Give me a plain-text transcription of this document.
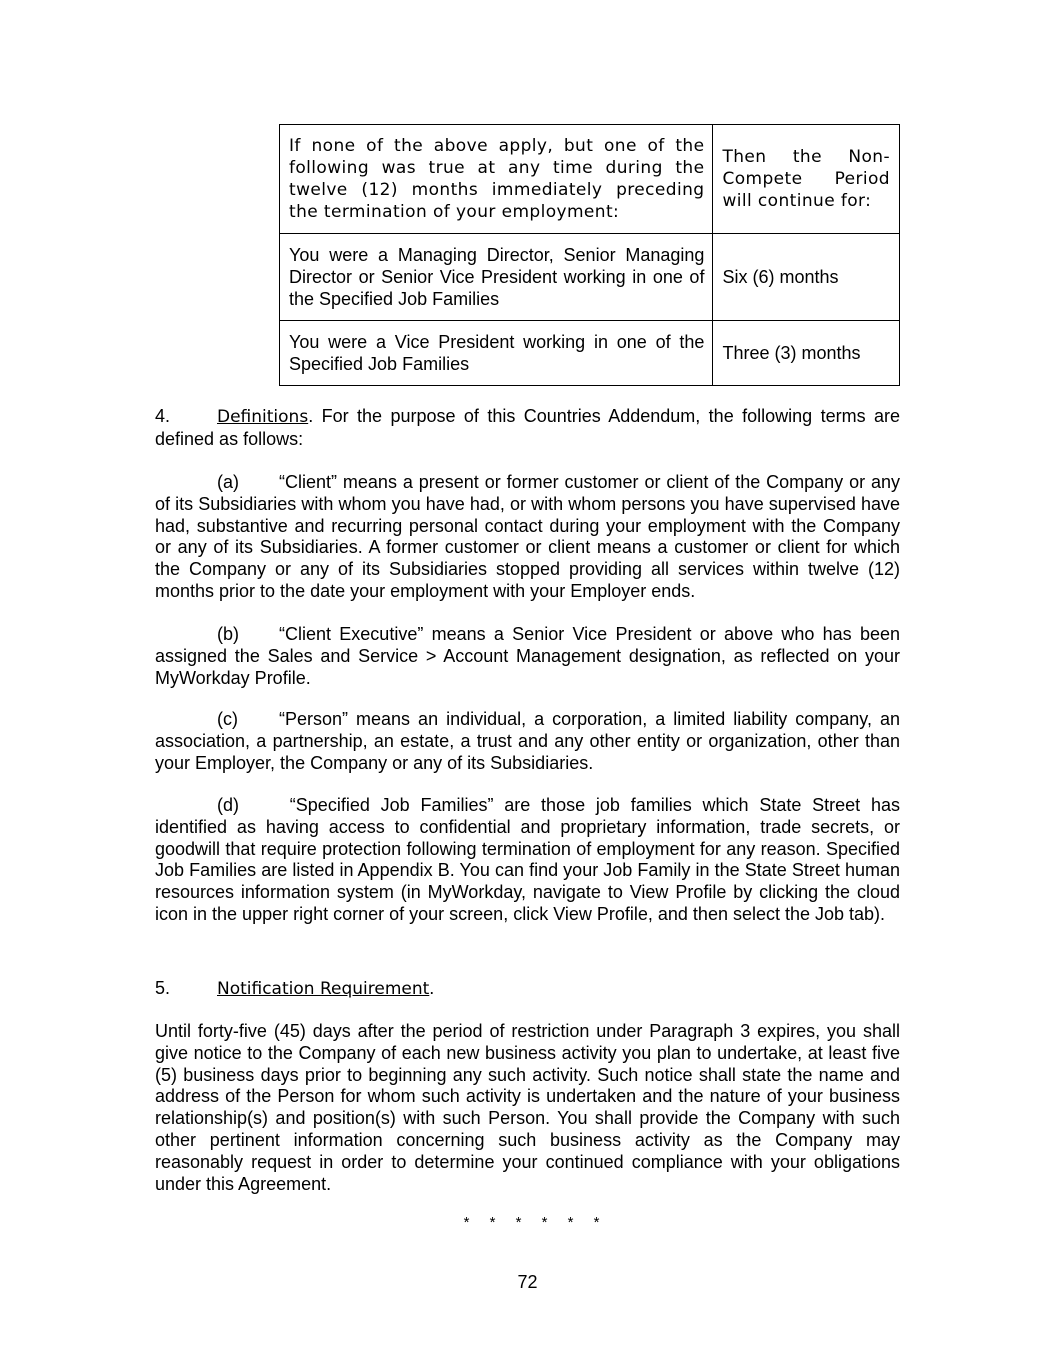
If none of the above apply, but one of the following was true at any time during the twelve (12) months immediately preceding the termination of your employment:	Then the Non-Compete Period will continue for:
You were a Managing Director, Senior Managing Director or Senior Vice President working in one of the Specified Job Families	Six (6) months
You were a Vice President working in one of the Specified Job Families	Three (3) months
4.	Definitions. For the purpose of this Countries Addendum, the following terms are defined as follows:
(a) “Client” means a present or former customer or client of the Company or any of its Subsidiaries with whom you have had, or with whom persons you have supervised have had, substantive and recurring personal contact during your employment with the Company or any of its Subsidiaries. A former customer or client means a customer or client for which the Company or any of its Subsidiaries stopped providing all services within twelve (12) months prior to the date your employment with your Employer ends.
(b) “Client Executive” means a Senior Vice President or above who has been assigned the Sales and Service > Account Management designation, as reflected on your MyWorkday Profile.
(c) “Person” means an individual, a corporation, a limited liability company, an association, a partnership, an estate, a trust and any other entity or organization, other than your Employer, the Company or any of its Subsidiaries.
(d) “Specified Job Families” are those job families which State Street has identified as having access to confidential and proprietary information, trade secrets, or goodwill that require protection following termination of employment for any reason. Specified Job Families are listed in Appendix B. You can find your Job Family in the State Street human resources information system (in MyWorkday, navigate to View Profile by clicking the cloud icon in the upper right corner of your screen, click View Profile, and then select the Job tab).
5.	Notification Requirement.
Until forty-five (45) days after the period of restriction under Paragraph 3 expires, you shall give notice to the Company of each new business activity you plan to undertake, at least five (5) business days prior to beginning any such activity. Such notice shall state the name and address of the Person for whom such activity is undertaken and the nature of your business relationship(s) and position(s) with such Person. You shall provide the Company with such other pertinent information concerning such business activity as the Company may reasonably request in order to determine your continued compliance with your obligations under this Agreement.
* * * * * *
72
